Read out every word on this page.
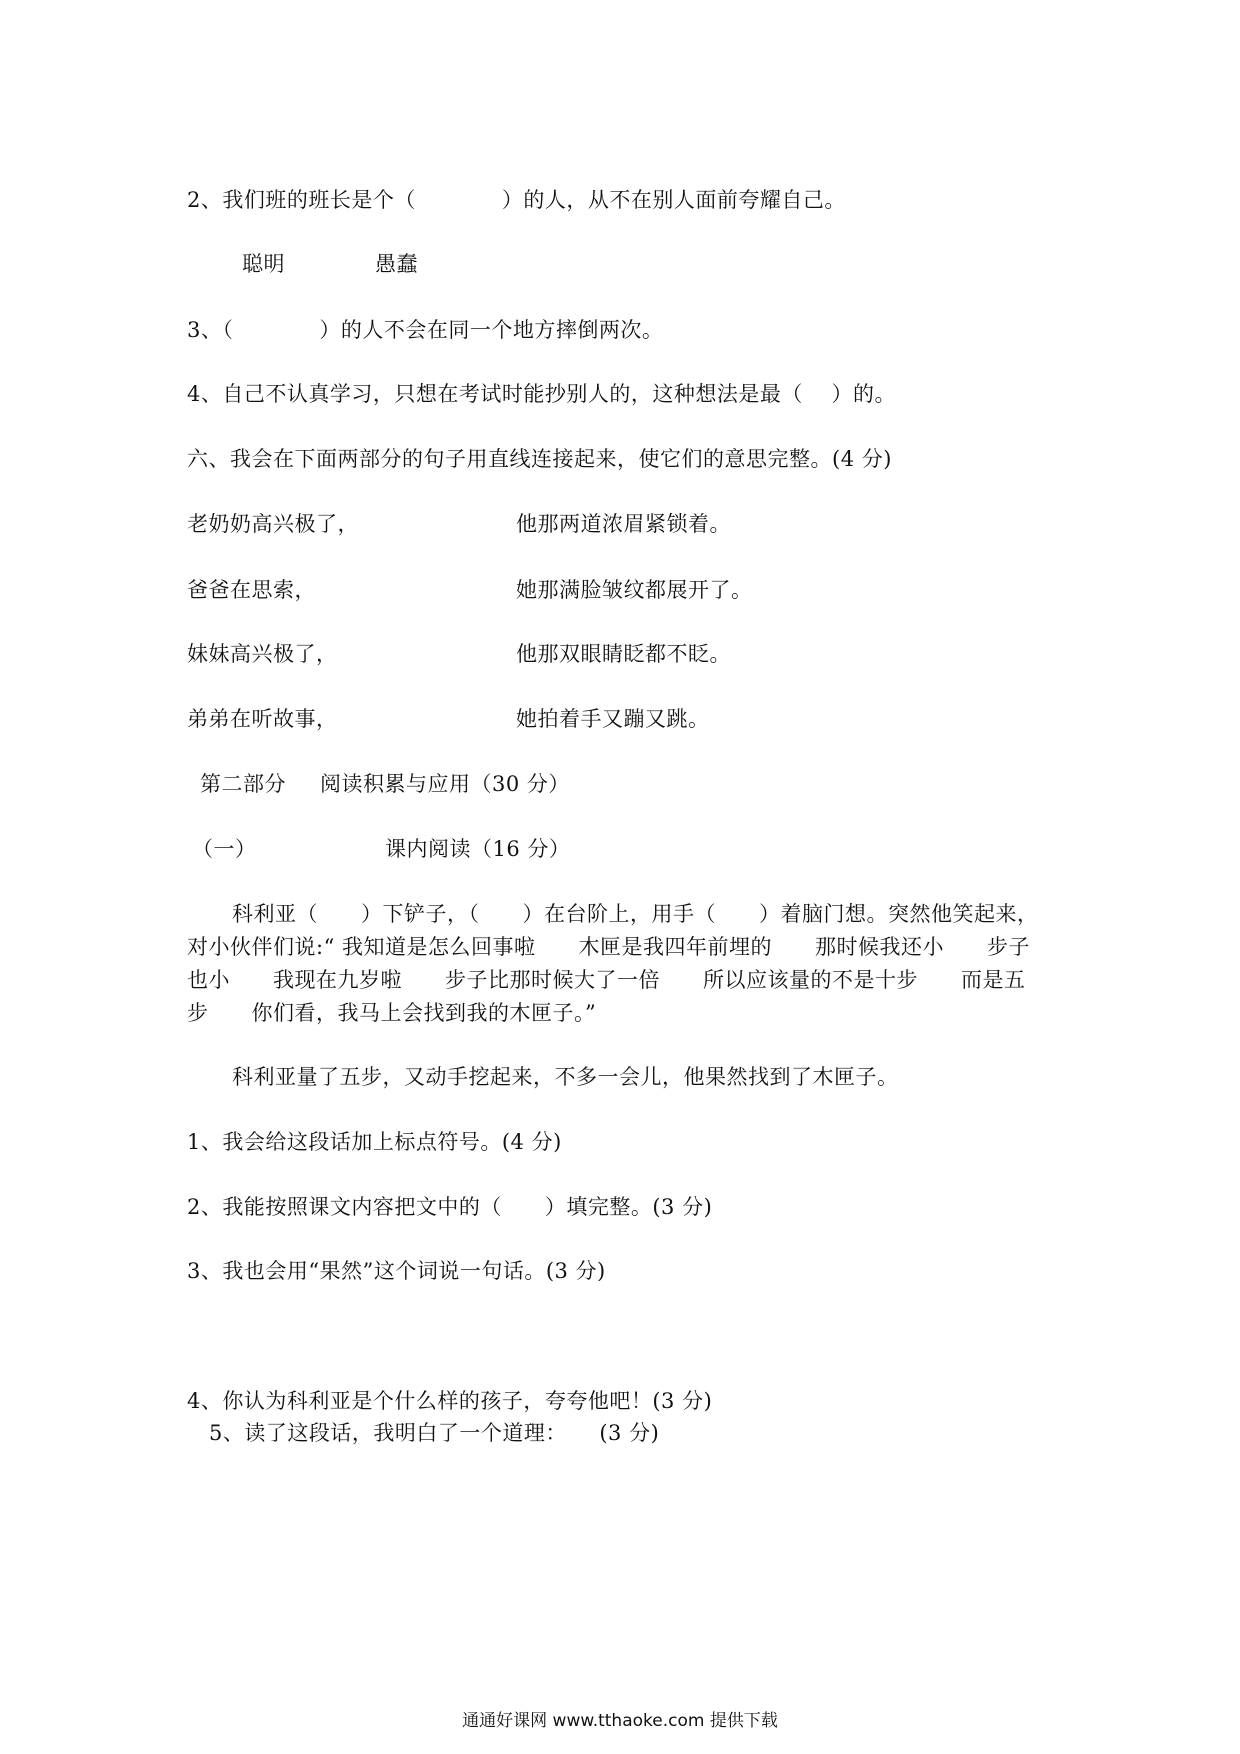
2、我们班的班长是个（　　　　）的人，从不在别人面前夸耀自己。
聪明	愚蠢
3、（　　　　）的人不会在同一个地方摔倒两次。
4、自己不认真学习，只想在考试时能抄别人的，这种想法是最（　 ）的。
六、我会在下面两部分的句子用直线连接起来，使它们的意思完整。(4 分)
老奶奶高兴极了，	他那两道浓眉紧锁着。
爸爸在思索，	她那满脸皱纹都展开了。
妹妹高兴极了，	他那双眼睛眨都不眨。
弟弟在听故事，	她拍着手又蹦又跳。
第二部分 阅读积累与应用（30 分）
（一）	课内阅读（16 分）
科利亚（　　）下铲子，（　　）在台阶上，用手（　　）着脑门想。突然他笑起来，
对小伙伴们说:“ 我知道是怎么回事啦　　木匣是我四年前埋的　　那时候我还小　　步子
也小　　我现在九岁啦　　步子比那时候大了一倍　　所以应该量的不是十步　　而是五
步　　你们看，我马上会找到我的木匣子。”
科利亚量了五步，又动手挖起来，不多一会儿，他果然找到了木匣子。
1、我会给这段话加上标点符号。(4 分)
2、我能按照课文内容把文中的（　　）填完整。(3 分)
3、我也会用“果然”这个词说一句话。(3 分)
4、你认为科利亚是个什么样的孩子，夸夸他吧！(3 分)
5、读了这段话，我明白了一个道理：　　(3 分)
通通好课网 www.tthaoke.com 提供下载
